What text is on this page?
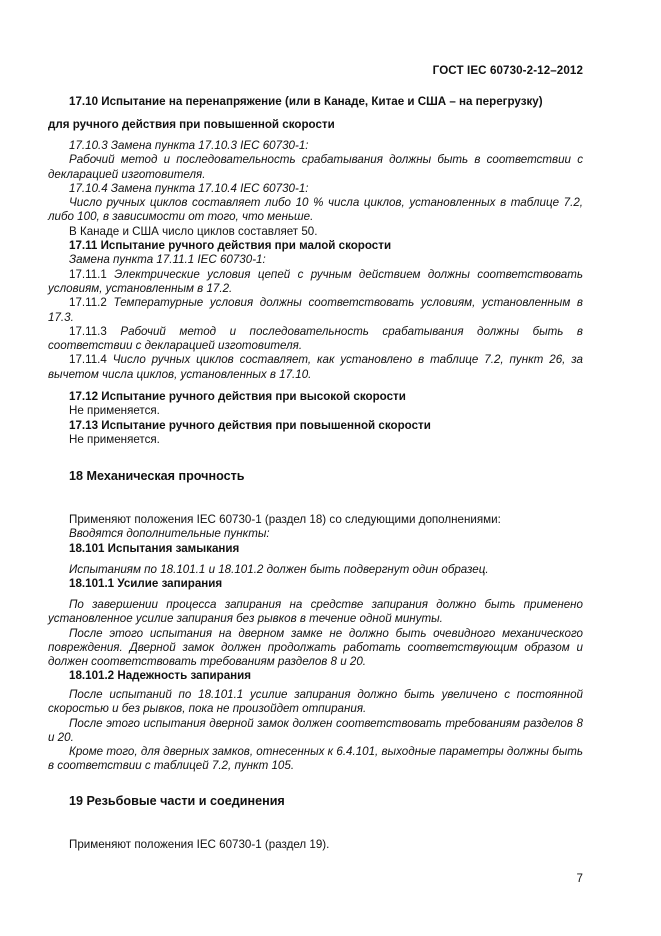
ГОСТ IEC 60730-2-12–2012

17.10 Испытание на перенапряжение (или в Канаде, Китае и США – на перегрузку)

для ручного действия при повышенной скорости

17.10.3 Замена пункта 17.10.3 IEC 60730-1:

Рабочий метод и последовательность срабатывания должны быть в соответствии с декларацией изготовителя.

17.10.4 Замена пункта 17.10.4 IEC 60730-1:

Число ручных циклов составляет либо 10 % числа циклов, установленных в таблице 7.2, либо 100, в зависимости от того, что меньше.

В Канаде и США число циклов составляет 50.

17.11 Испытание ручного действия при малой скорости

Замена пункта 17.11.1 IEC 60730-1:

17.11.1 Электрические условия цепей с ручным действием должны соответствовать условиям, установленным в 17.2.

17.11.2 Температурные условия должны соответствовать условиям, установленным в 17.3.

17.11.3 Рабочий метод и последовательность срабатывания должны быть в соответствии с декларацией изготовителя.

17.11.4 Число ручных циклов составляет, как установлено в таблице 7.2, пункт 26, за вычетом числа циклов, установленных в 17.10.

17.12 Испытание ручного действия при высокой скорости

Не применяется.

17.13 Испытание ручного действия при повышенной скорости

Не применяется.

18 Механическая прочность

Применяют положения IEC 60730-1 (раздел 18) со следующими дополнениями:

Вводятся дополнительные пункты:

18.101 Испытания замыкания

Испытаниям по 18.101.1 и 18.101.2 должен быть подвергнут один образец.

18.101.1 Усилие запирания

По завершении процесса запирания на средстве запирания должно быть применено установленное усилие запирания без рывков в течение одной минуты.

После этого испытания на дверном замке не должно быть очевидного механического повреждения. Дверной замок должен продолжать работать соответствующим образом и должен соответствовать требованиям разделов 8 и 20.

18.101.2 Надежность запирания

После испытаний по 18.101.1 усилие запирания должно быть увеличено с постоянной скоростью и без рывков, пока не произойдет отпирания.

После этого испытания дверной замок должен соответствовать требованиям разделов 8 и 20.

Кроме того, для дверных замков, отнесенных к 6.4.101, выходные параметры должны быть в соответствии с таблицей 7.2, пункт 105.

19 Резьбовые части и соединения

Применяют положения IEC 60730-1 (раздел 19).

7
